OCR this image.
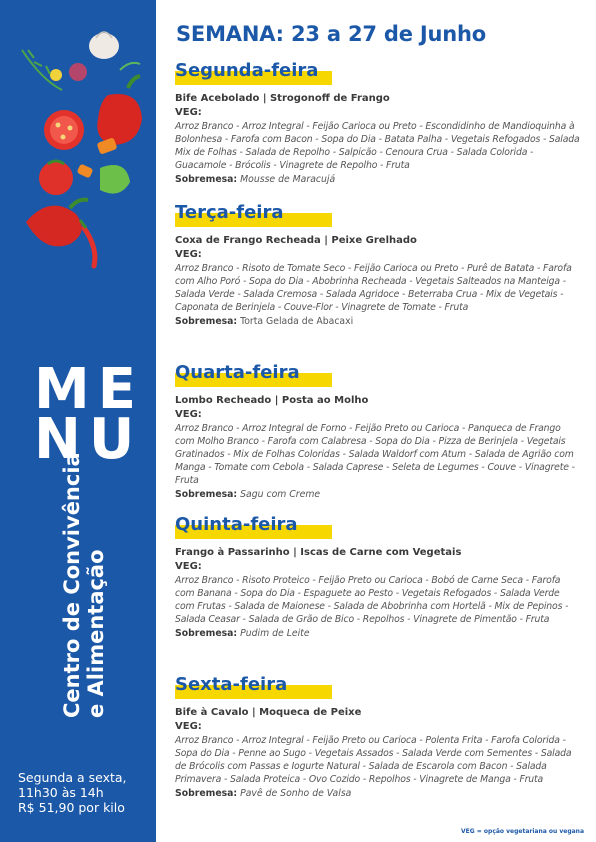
ME
NU
Centro de Convivência e Alimentação
Segunda a sexta,
11h30 às 14h
R$ 51,90 por kilo
SEMANA: 23 a 27 de Junho
Segunda-feira
Bife Acebolado | Strogonoff de Frango
VEG:
Arroz Branco - Arroz Integral - Feijão Carioca ou Preto - Escondidinho de Mandioquinha à Bolonhesa - Farofa com Bacon - Sopa do Dia - Batata Palha - Vegetais Refogados - Salada Mix de Folhas - Salada de Repolho - Salpicão - Cenoura Crua - Salada Colorida - Guacamole - Brócolis - Vinagrete de Repolho - Fruta
Sobremesa: Mousse de Maracujá
Terça-feira
Coxa de Frango Recheada | Peixe Grelhado
VEG:
Arroz Branco - Risoto de Tomate Seco - Feijão Carioca ou Preto - Purê de Batata - Farofa com Alho Poró - Sopa do Dia - Abobrinha Recheada - Vegetais Salteados na Manteiga - Salada Verde - Salada Cremosa - Salada Agridoce - Beterraba Crua - Mix de Vegetais - Caponata de Berinjela - Couve-Flor - Vinagrete de Tomate - Fruta
Sobremesa: Torta Gelada de Abacaxi
Quarta-feira
Lombo Recheado | Posta ao Molho
VEG:
Arroz Branco - Arroz Integral de Forno - Feijão Preto ou Carioca - Panqueca de Frango com Molho Branco - Farofa com Calabresa - Sopa do Dia - Pizza de Berinjela - Vegetais Gratinados - Mix de Folhas Coloridas - Salada Waldorf com Atum - Salada de Agrião com Manga - Tomate com Cebola - Salada Caprese - Seleta de Legumes - Couve - Vinagrete - Fruta
Sobremesa: Sagu com Creme
Quinta-feira
Frango à Passarinho | Iscas de Carne com Vegetais
VEG:
Arroz Branco - Risoto Proteico - Feijão Preto ou Carioca - Bobó de Carne Seca - Farofa com Banana - Sopa do Dia - Espaguete ao Pesto - Vegetais Refogados - Salada Verde com Frutas - Salada de Maionese - Salada de Abobrinha com Hortelã - Mix de Pepinos - Salada Ceasar - Salada de Grão de Bico - Repolhos - Vinagrete de Pimentão - Fruta
Sobremesa: Pudim de Leite
Sexta-feira
Bife à Cavalo | Moqueca de Peixe
VEG:
Arroz Branco - Arroz Integral - Feijão Preto ou Carioca - Polenta Frita - Farofa Colorida - Sopa do Dia - Penne ao Sugo - Vegetais Assados - Salada Verde com Sementes - Salada de Brócolis com Passas e Iogurte Natural - Salada de Escarola com Bacon - Salada Primavera - Salada Proteica - Ovo Cozido - Repolhos - Vinagrete de Manga - Fruta
Sobremesa: Pavê de Sonho de Valsa
VEG = opção vegetariana ou vegana
